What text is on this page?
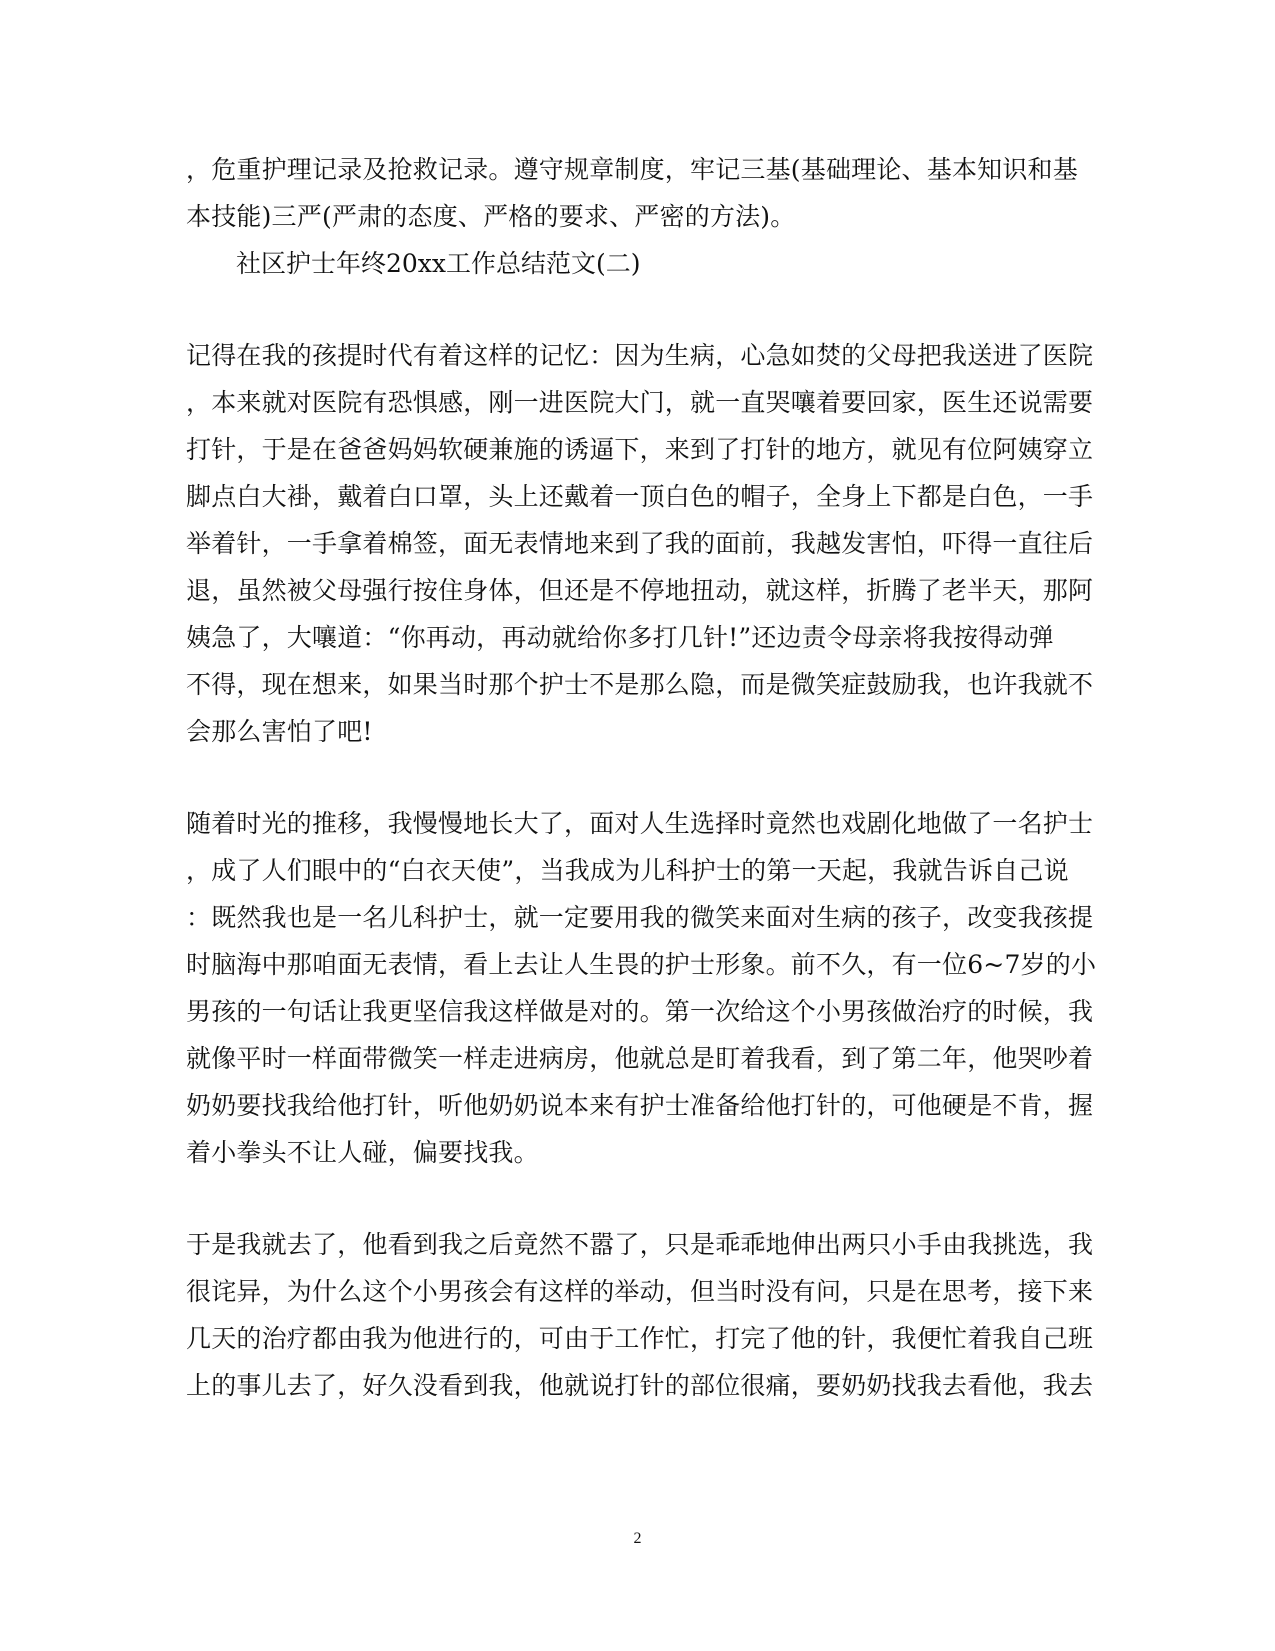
，危重护理记录及抢救记录。遵守规章制度，牢记三基(基础理论、基本知识和基
本技能)三严(严肃的态度、严格的要求、严密的方法)。
社区护士年终20xx工作总结范文(二)
记得在我的孩提时代有着这样的记忆：因为生病，心急如焚的父母把我送进了医院
，本来就对医院有恐惧感，刚一进医院大门，就一直哭嚷着要回家，医生还说需要
打针，于是在爸爸妈妈软硬兼施的诱逼下，来到了打针的地方，就见有位阿姨穿立
脚点白大褂，戴着白口罩，头上还戴着一顶白色的帽子，全身上下都是白色，一手
举着针，一手拿着棉签，面无表情地来到了我的面前，我越发害怕，吓得一直往后
退，虽然被父母强行按住身体，但还是不停地扭动，就这样，折腾了老半天，那阿
姨急了，大嚷道：“你再动，再动就给你多打几针!”还边责令母亲将我按得动弹
不得，现在想来，如果当时那个护士不是那么隐，而是微笑症鼓励我，也许我就不
会那么害怕了吧!
随着时光的推移，我慢慢地长大了，面对人生选择时竟然也戏剧化地做了一名护士
，成了人们眼中的“白衣天使”，当我成为儿科护士的第一天起，我就告诉自己说
：既然我也是一名儿科护士，就一定要用我的微笑来面对生病的孩子，改变我孩提
时脑海中那咱面无表情，看上去让人生畏的护士形象。前不久，有一位6~7岁的小
男孩的一句话让我更坚信我这样做是对的。第一次给这个小男孩做治疗的时候，我
就像平时一样面带微笑一样走进病房，他就总是盯着我看，到了第二年，他哭吵着
奶奶要找我给他打针，听他奶奶说本来有护士准备给他打针的，可他硬是不肯，握
着小拳头不让人碰，偏要找我。
于是我就去了，他看到我之后竟然不嚣了，只是乖乖地伸出两只小手由我挑选，我
很诧异，为什么这个小男孩会有这样的举动，但当时没有问，只是在思考，接下来
几天的治疗都由我为他进行的，可由于工作忙，打完了他的针，我便忙着我自己班
上的事儿去了，好久没看到我，他就说打针的部位很痛，要奶奶找我去看他，我去
2
